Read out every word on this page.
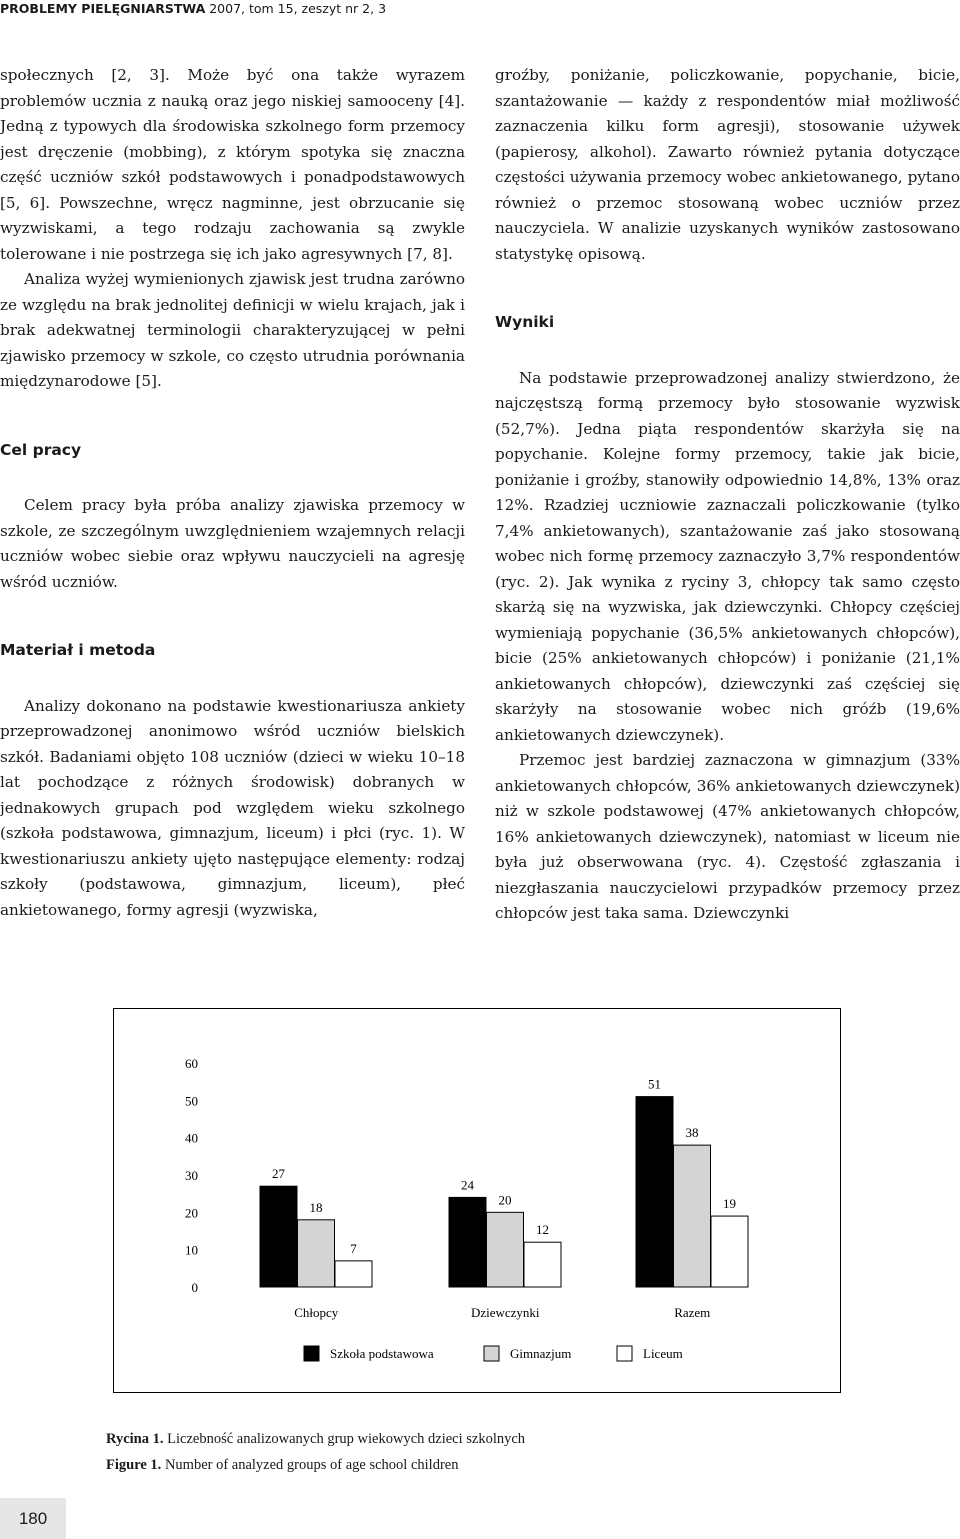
PROBLEMY PIELĘGNIARSTWA 2007, tom 15, zeszyt nr 2, 3

społecznych [2, 3]. Może być ona także wyrazem problemów ucznia z nauką oraz jego niskiej samooceny [4]. Jedną z typowych dla środowiska szkolnego form przemocy jest dręczenie (mobbing), z którym spotyka się znaczna część uczniów szkół podstawowych i ponadpodstawowych [5, 6]. Powszechne, wręcz nagminne, jest obrzucanie się wyzwiskami, a tego rodzaju zachowania są zwykle tolerowane i nie postrzega się ich jako agresywnych [7, 8].

Analiza wyżej wymienionych zjawisk jest trudna zarówno ze względu na brak jednolitej definicji w wielu krajach, jak i brak adekwatnej terminologii charakteryzującej w pełni zjawisko przemocy w szkole, co często utrudnia porównania międzynarodowe [5].

Cel pracy

Celem pracy była próba analizy zjawiska przemocy w szkole, ze szczególnym uwzględnieniem wzajemnych relacji uczniów wobec siebie oraz wpływu nauczycieli na agresję wśród uczniów.

Materiał i metoda

Analizy dokonano na podstawie kwestionariusza ankiety przeprowadzonej anonimowo wśród uczniów bielskich szkół. Badaniami objęto 108 uczniów (dzieci w wieku 10–18 lat pochodzące z różnych środowisk) dobranych w jednakowych grupach pod względem wieku szkolnego (szkoła podstawowa, gimnazjum, liceum) i płci (ryc. 1). W kwestionariuszu ankiety ujęto następujące elementy: rodzaj szkoły (podstawowa, gimnazjum, liceum), płeć ankietowanego, formy agresji (wyzwiska,

groźby, poniżanie, policzkowanie, popychanie, bicie, szantażowanie — każdy z respondentów miał możliwość zaznaczenia kilku form agresji), stosowanie używek (papierosy, alkohol). Zawarto również pytania dotyczące częstości używania przemocy wobec ankietowanego, pytano również o przemoc stosowaną wobec uczniów przez nauczyciela. W analizie uzyskanych wyników zastosowano statystykę opisową.

Wyniki

Na podstawie przeprowadzonej analizy stwierdzono, że najczęstszą formą przemocy było stosowanie wyzwisk (52,7%). Jedna piąta respondentów skarżyła się na popychanie. Kolejne formy przemocy, takie jak bicie, poniżanie i groźby, stanowiły odpowiednio 14,8%, 13% oraz 12%. Rzadziej uczniowie zaznaczali policzkowanie (tylko 7,4% ankietowanych), szantażowanie zaś jako stosowaną wobec nich formę przemocy zaznaczyło 3,7% respondentów (ryc. 2). Jak wynika z ryciny 3, chłopcy tak samo często skarżą się na wyzwiska, jak dziewczynki. Chłopcy częściej wymieniają popychanie (36,5% ankietowanych chłopców), bicie (25% ankietowanych chłopców) i poniżanie (21,1% ankietowanych chłopców), dziewczynki zaś częściej się skarżyły na stosowanie wobec nich gróźb (19,6% ankietowanych dziewczynek).

Przemoc jest bardziej zaznaczona w gimnazjum (33% ankietowanych chłopców, 36% ankietowanych dziewczynek) niż w szkole podstawowej (47% ankietowanych chłopców, 16% ankietowanych dziewczynek), natomiast w liceum nie była już obserwowana (ryc. 4). Częstość zgłaszania i niezgłaszania nauczycielowi przypadków przemocy przez chłopców jest taka sama. Dziewczynki

0
10
20
30
40
50
60
27
18
7
Chłopcy
24
20
12
Dziewczynki
51
38
19
Razem
Szkoła podstawowa	Gimnazjum	Liceum
Rycina 1. Liczebność analizowanych grup wiekowych dzieci szkolnych
Figure 1. Number of analyzed groups of age school children
180
